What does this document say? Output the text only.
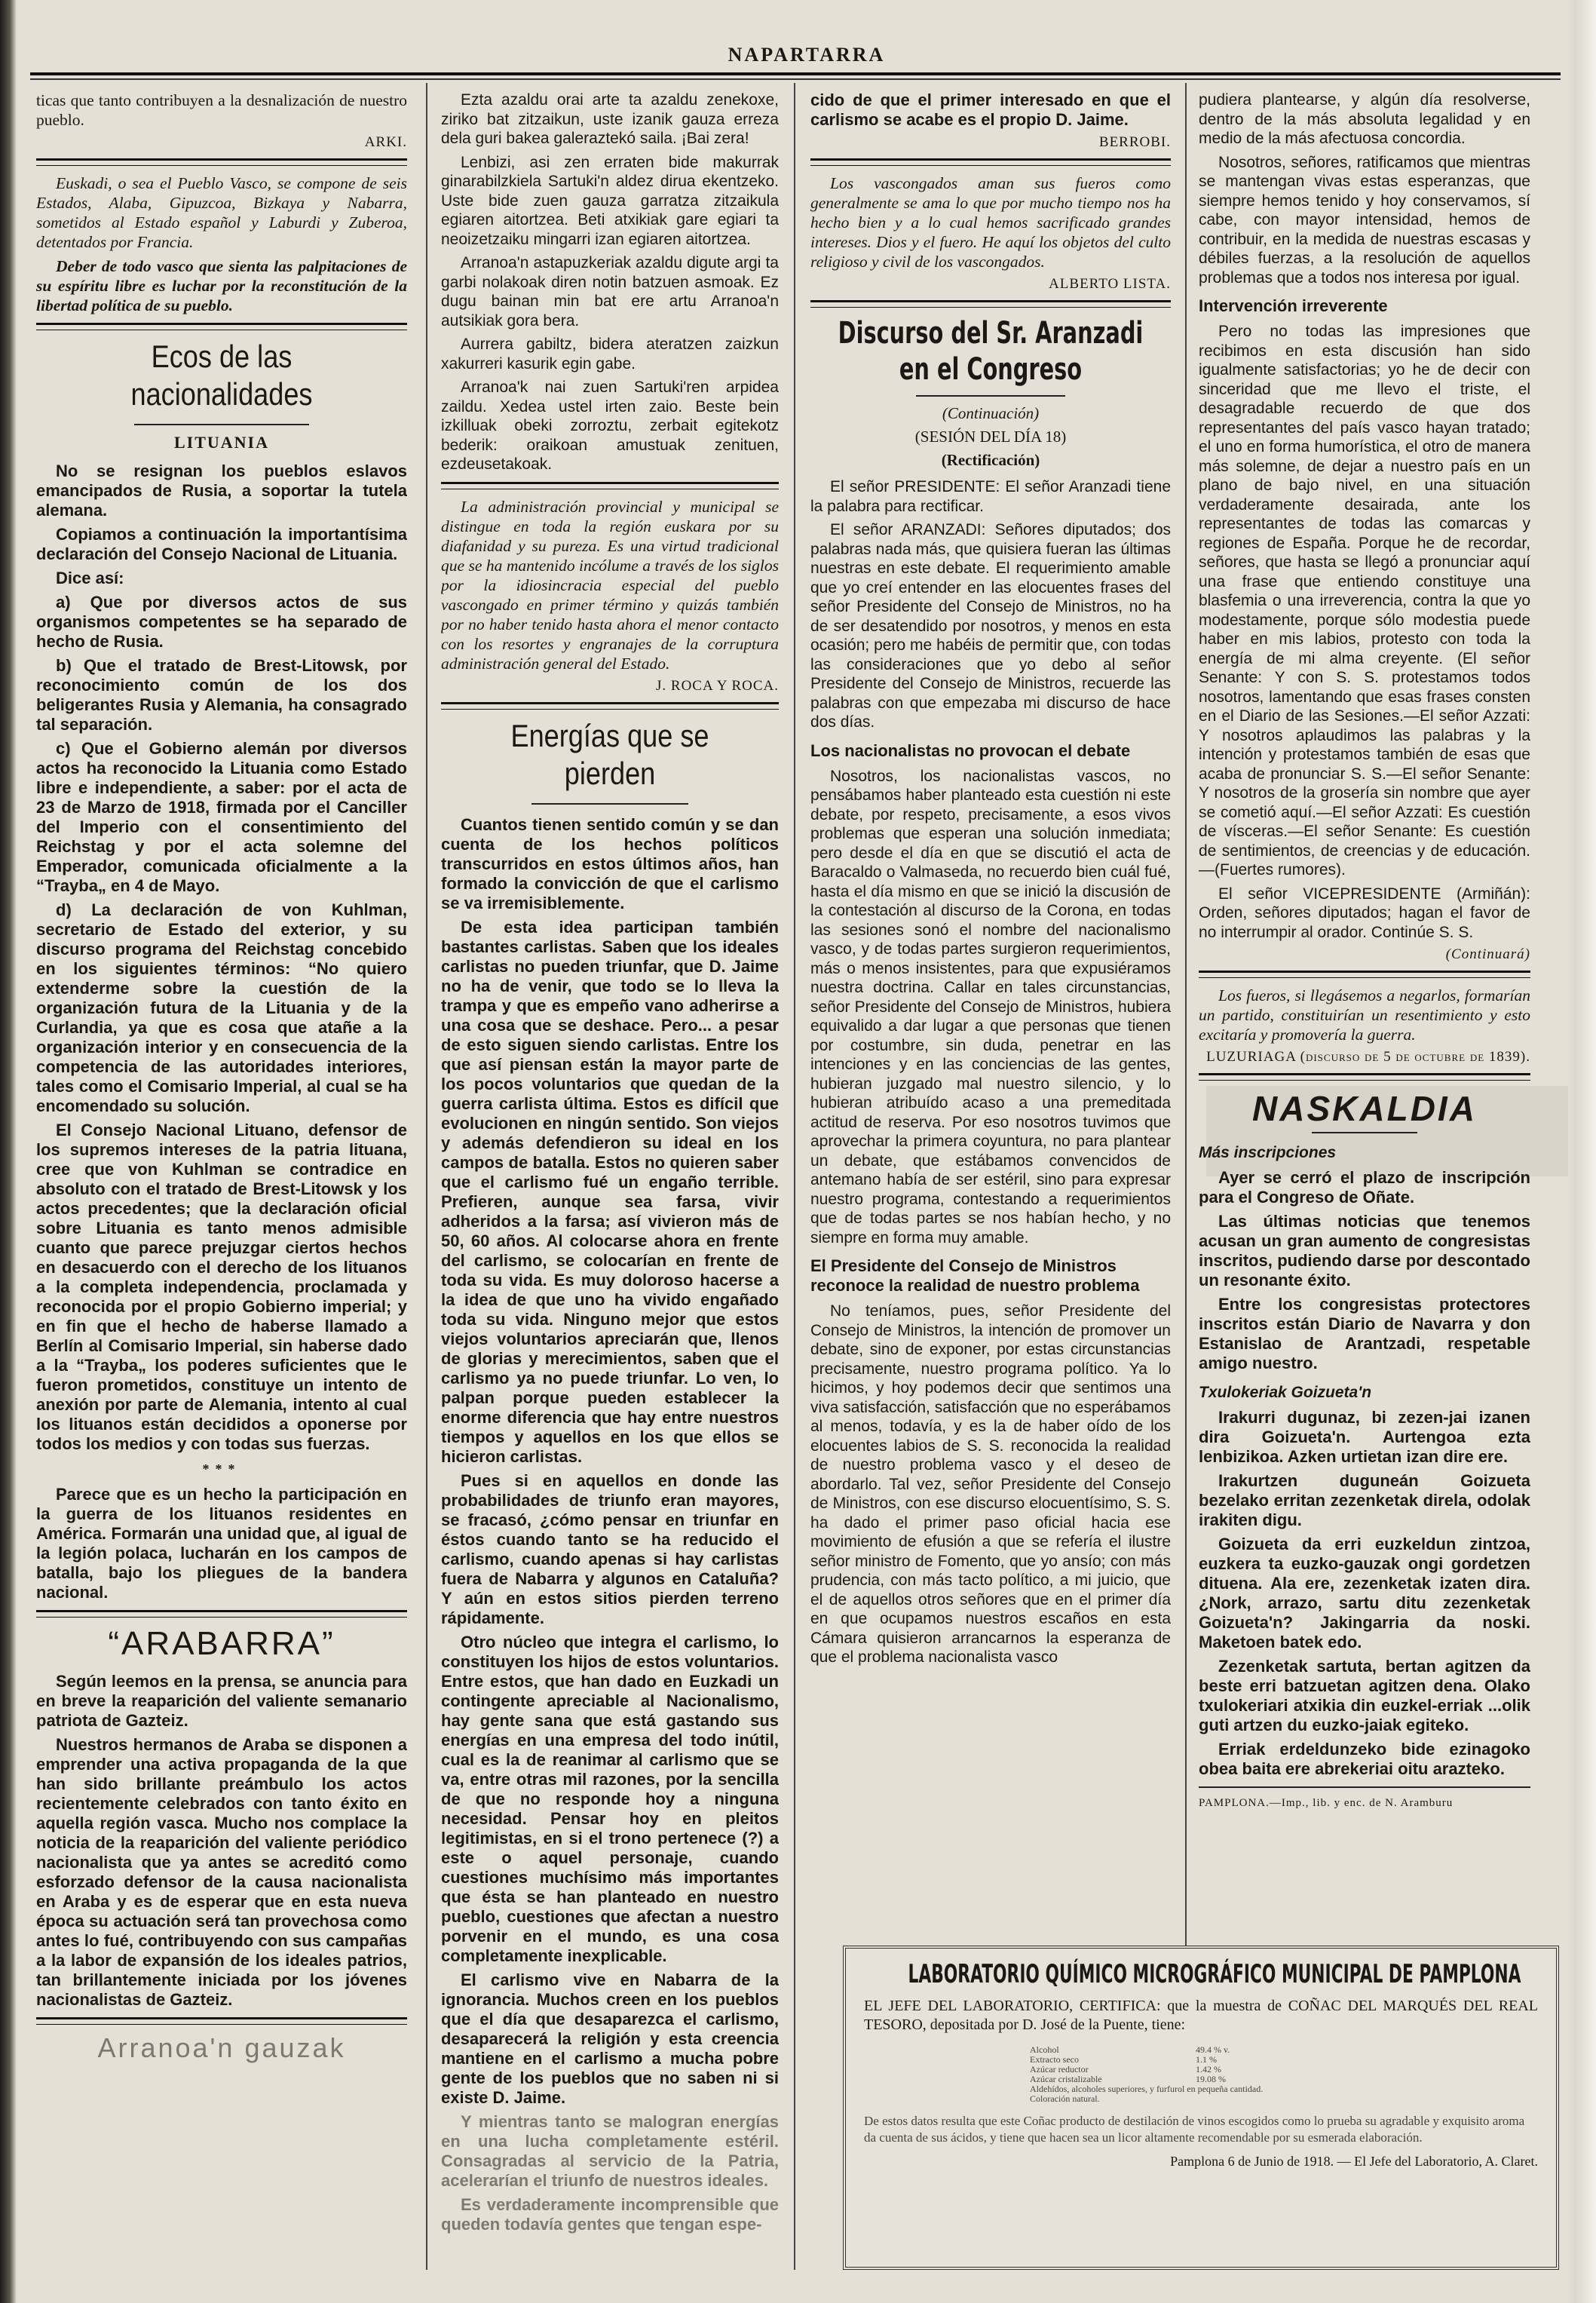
NAPARTARRA

ticas que tanto contribuyen a la desnalización de nuestro pueblo.

ARKI.

Euskadi, o sea el Pueblo Vasco, se compone de seis Estados, Alaba, Gipuzcoa, Bizkaya y Nabarra, sometidos al Estado español y Laburdi y Zuberoa, detentados por Francia.

Deber de todo vasco que sienta las palpitaciones de su espíritu libre es luchar por la reconstitución de la libertad política de su pueblo.

Ecos de las nacionalidades
LITUANIA

No se resignan los pueblos eslavos emancipados de Rusia, a soportar la tutela alemana.

Copiamos a continuación la importantísima declaración del Consejo Nacional de Lituania.

Dice así:

a) Que por diversos actos de sus organismos competentes se ha separado de hecho de Rusia.

b) Que el tratado de Brest-Litowsk, por reconocimiento común de los dos beligerantes Rusia y Alemania, ha consagrado tal separación.

c) Que el Gobierno alemán por diversos actos ha reconocido la Lituania como Estado libre e independiente, a saber: por el acta de 23 de Marzo de 1918, firmada por el Canciller del Imperio con el consentimiento del Reichstag y por el acta solemne del Emperador, comunicada oficialmente a la “Trayba„ en 4 de Mayo.

d) La declaración de von Kuhlman, secretario de Estado del exterior, y su discurso programa del Reichstag concebido en los siguientes términos: “No quiero extenderme sobre la cuestión de la organización futura de la Lituania y de la Curlandia, ya que es cosa que atañe a la organización interior y en consecuencia de la competencia de las autoridades interiores, tales como el Comisario Imperial, al cual se ha encomendado su solución.

El Consejo Nacional Lituano, defensor de los supremos intereses de la patria lituana, cree que von Kuhlman se contradice en absoluto con el tratado de Brest-Litowsk y los actos precedentes; que la declaración oficial sobre Lituania es tanto menos admisible cuanto que parece prejuzgar ciertos hechos en desacuerdo con el derecho de los lituanos a la completa independencia, proclamada y reconocida por el propio Gobierno imperial; y en fin que el hecho de haberse llamado a Berlín al Comisario Imperial, sin haberse dado a la “Trayba„ los poderes suficientes que le fueron prometidos, constituye un intento de anexión por parte de Alemania, intento al cual los lituanos están decididos a oponerse por todos los medios y con todas sus fuerzas.

***

Parece que es un hecho la participación en la guerra de los lituanos residentes en América. Formarán una unidad que, al igual de la legión polaca, lucharán en los campos de batalla, bajo los pliegues de la bandera nacional.

“ARABARRA”

Según leemos en la prensa, se anuncia para en breve la reaparición del valiente semanario patriota de Gazteiz.

Nuestros hermanos de Araba se disponen a emprender una activa propaganda de la que han sido brillante preámbulo los actos recientemente celebrados con tanto éxito en aquella región vasca. Mucho nos complace la noticia de la reaparición del valiente periódico nacionalista que ya antes se acreditó como esforzado defensor de la causa nacionalista en Araba y es de esperar que en esta nueva época su actuación será tan provechosa como antes lo fué, contribuyendo con sus campañas a la labor de expansión de los ideales patrios, tan brillantemente iniciada por los jóvenes nacionalistas de Gazteiz.

Arranoa'n gauzak

Ezta azaldu orai arte ta azaldu zenekoxe, ziriko bat zitzaikun, uste izanik gauza erreza dela guri bakea galeraztekó saila. ¡Bai zera!

Lenbizi, asi zen erraten bide makurrak ginarabilzkiela Sartuki'n aldez dirua ekentzeko. Uste bide zuen gauza garratza zitzaikula egiaren aitortzea. Beti atxikiak gare egiari ta neoizetzaiku mingarri izan egiaren aitortzea.

Arranoa'n astapuzkeriak azaldu digute argi ta garbi nolakoak diren notin batzuen asmoak. Ez dugu bainan min bat ere artu Arranoa'n autsikiak gora bera.

Aurrera gabiltz, bidera ateratzen zaizkun xakurreri kasurik egin gabe.

Arranoa'k nai zuen Sartuki'ren arpidea zaildu. Xedea ustel irten zaio. Beste bein izkilluak obeki zorroztu, zerbait egitekotz bederik: oraikoan amustuak zenituen, ezdeusetakoak.

La administración provincial y municipal se distingue en toda la región euskara por su diafanidad y su pureza. Es una virtud tradicional que se ha mantenido incólume a través de los siglos por la idiosincracia especial del pueblo vascongado en primer término y quizás también por no haber tenido hasta ahora el menor contacto con los resortes y engranajes de la corruptura administración general del Estado.

J. ROCA Y ROCA.
Energías que se pierden

Cuantos tienen sentido común y se dan cuenta de los hechos políticos transcurridos en estos últimos años, han formado la convicción de que el carlismo se va irremisiblemente.

De esta idea participan también bastantes carlistas. Saben que los ideales carlistas no pueden triunfar, que D. Jaime no ha de venir, que todo se lo lleva la trampa y que es empeño vano adherirse a una cosa que se deshace. Pero... a pesar de esto siguen siendo carlistas. Entre los que así piensan están la mayor parte de los pocos voluntarios que quedan de la guerra carlista última. Estos es difícil que evolucionen en ningún sentido. Son viejos y además defendieron su ideal en los campos de batalla. Estos no quieren saber que el carlismo fué un engaño terrible. Prefieren, aunque sea farsa, vivir adheridos a la farsa; así vivieron más de 50, 60 años. Al colocarse ahora en frente del carlismo, se colocarían en frente de toda su vida. Es muy doloroso hacerse a la idea de que uno ha vivido engañado toda su vida. Ninguno mejor que estos viejos voluntarios apreciarán que, llenos de glorias y merecimientos, saben que el carlismo ya no puede triunfar. Lo ven, lo palpan porque pueden establecer la enorme diferencia que hay entre nuestros tiempos y aquellos en los que ellos se hicieron carlistas.

Pues si en aquellos en donde las probabilidades de triunfo eran mayores, se fracasó, ¿cómo pensar en triunfar en éstos cuando tanto se ha reducido el carlismo, cuando apenas si hay carlistas fuera de Nabarra y algunos en Cataluña? Y aún en estos sitios pierden terreno rápidamente.

Otro núcleo que integra el carlismo, lo constituyen los hijos de estos voluntarios. Entre estos, que han dado en Euzkadi un contingente apreciable al Nacionalismo, hay gente sana que está gastando sus energías en una empresa del todo inútil, cual es la de reanimar al carlismo que se va, entre otras mil razones, por la sencilla de que no responde hoy a ninguna necesidad. Pensar hoy en pleitos legitimistas, en si el trono pertenece (?) a este o aquel personaje, cuando cuestiones muchísimo más importantes que ésta se han planteado en nuestro pueblo, cuestiones que afectan a nuestro porvenir en el mundo, es una cosa completamente inexplicable.

El carlismo vive en Nabarra de la ignorancia. Muchos creen en los pueblos que el día que desaparezca el carlismo, desaparecerá la religión y esta creencia mantiene en el carlismo a mucha pobre gente de los pueblos que no saben ni si existe D. Jaime.

Y mientras tanto se malogran energías en una lucha completamente estéril. Consagradas al servicio de la Patria, acelerarían el triunfo de nuestros ideales.

Es verdaderamente incomprensible que queden todavía gentes que tengan espe-

cido de que el primer interesado en que el carlismo se acabe es el propio D. Jaime.

BERROBI.

Los vascongados aman sus fueros como generalmente se ama lo que por mucho tiempo nos ha hecho bien y a lo cual hemos sacrificado grandes intereses. Dios y el fuero. He aquí los objetos del culto religioso y civil de los vascongados.

ALBERTO LISTA.
Discurso del Sr. Aranzadi en el Congreso
(Continuación)
(SESIÓN DEL DÍA 18)
(Rectificación)

El señor PRESIDENTE: El señor Aranzadi tiene la palabra para rectificar.

El señor ARANZADI: Señores diputados; dos palabras nada más, que quisiera fueran las últimas nuestras en este debate. El requerimiento amable que yo creí entender en las elocuentes frases del señor Presidente del Consejo de Ministros, no ha de ser desatendido por nosotros, y menos en esta ocasión; pero me habéis de permitir que, con todas las consideraciones que yo debo al señor Presidente del Consejo de Ministros, recuerde las palabras con que empezaba mi discurso de hace dos días.

Los nacionalistas no provocan el debate

Nosotros, los nacionalistas vascos, no pensábamos haber planteado esta cuestión ni este debate, por respeto, precisamente, a esos vivos problemas que esperan una solución inmediata; pero desde el día en que se discutió el acta de Baracaldo o Valmaseda, no recuerdo bien cuál fué, hasta el día mismo en que se inició la discusión de la contestación al discurso de la Corona, en todas las sesiones sonó el nombre del nacionalismo vasco, y de todas partes surgieron requerimientos, más o menos insistentes, para que expusiéramos nuestra doctrina. Callar en tales circunstancias, señor Presidente del Consejo de Ministros, hubiera equivalido a dar lugar a que personas que tienen por costumbre, sin duda, penetrar en las intenciones y en las conciencias de las gentes, hubieran juzgado mal nuestro silencio, y lo hubieran atribuído acaso a una premeditada actitud de reserva. Por eso nosotros tuvimos que aprovechar la primera coyuntura, no para plantear un debate, que estábamos convencidos de antemano había de ser estéril, sino para expresar nuestro programa, contestando a requerimientos que de todas partes se nos habían hecho, y no siempre en forma muy amable.

El Presidente del Consejo de Ministros reconoce la realidad de nuestro problema

No teníamos, pues, señor Presidente del Consejo de Ministros, la intención de promover un debate, sino de exponer, por estas circunstancias precisamente, nuestro programa político. Ya lo hicimos, y hoy podemos decir que sentimos una viva satisfacción, satisfacción que no esperábamos al menos, todavía, y es la de haber oído de los elocuentes labios de S. S. reconocida la realidad de nuestro problema vasco y el deseo de abordarlo. Tal vez, señor Presidente del Consejo de Ministros, con ese discurso elocuentísimo, S. S. ha dado el primer paso oficial hacia ese movimiento de efusión a que se refería el ilustre señor ministro de Fomento, que yo ansío; con más prudencia, con más tacto político, a mi juicio, que el de aquellos otros señores que en el primer día en que ocupamos nuestros escaños en esta Cámara quisieron arrancarnos la esperanza de que el problema nacionalista vasco

pudiera plantearse, y algún día resolverse, dentro de la más absoluta legalidad y en medio de la más afectuosa concordia.

Nosotros, señores, ratificamos que mientras se mantengan vivas estas esperanzas, que siempre hemos tenido y hoy conservamos, sí cabe, con mayor intensidad, hemos de contribuir, en la medida de nuestras escasas y débiles fuerzas, a la resolución de aquellos problemas que a todos nos interesa por igual.

Intervención irreverente

Pero no todas las impresiones que recibimos en esta discusión han sido igualmente satisfactorias; yo he de decir con sinceridad que me llevo el triste, el desagradable recuerdo de que dos representantes del país vasco hayan tratado; el uno en forma humorística, el otro de manera más solemne, de dejar a nuestro país en un plano de bajo nivel, en una situación verdaderamente desairada, ante los representantes de todas las comarcas y regiones de España. Porque he de recordar, señores, que hasta se llegó a pronunciar aquí una frase que entiendo constituye una blasfemia o una irreverencia, contra la que yo modestamente, porque sólo modestia puede haber en mis labios, protesto con toda la energía de mi alma creyente. (El señor Senante: Y con S. S. protestamos todos nosotros, lamentando que esas frases consten en el Diario de las Sesiones.—El señor Azzati: Y nosotros aplaudimos las palabras y la intención y protestamos también de esas que acaba de pronunciar S. S.—El señor Senante: Y nosotros de la grosería sin nombre que ayer se cometió aquí.—El señor Azzati: Es cuestión de vísceras.—El señor Senante: Es cuestión de sentimientos, de creencias y de educación.—(Fuertes rumores).

El señor VICEPRESIDENTE (Armiñán): Orden, señores diputados; hagan el favor de no interrumpir al orador. Continúe S. S.

(Continuará)

Los fueros, si llegásemos a negarlos, formarían un partido, constituirían un resentimiento y esto excitaría y promovería la guerra.

LUZURIAGA (discurso de 5 de octubre de 1839).
NASKALDIA
Más inscripciones

Ayer se cerró el plazo de inscripción para el Congreso de Oñate.

Las últimas noticias que tenemos acusan un gran aumento de congresistas inscritos, pudiendo darse por descontado un resonante éxito.

Entre los congresistas protectores inscritos están Diario de Navarra y don Estanislao de Arantzadi, respetable amigo nuestro.

Txulokeriak Goizueta'n

Irakurri dugunaz, bi zezen-jai izanen dira Goizueta'n. Aurtengoa ezta lenbizikoa. Azken urtietan izan dire ere.

Irakurtzen duguneán Goizueta bezelako erritan zezenketak direla, odolak irakiten digu.

Goizueta da erri euzkeldun zintzoa, euzkera ta euzko-gauzak ongi gordetzen dituena. Ala ere, zezenketak izaten dira. ¿Nork, arrazo, sartu ditu zezenketak Goizueta'n? Jakingarria da noski. Maketoen batek edo.

Zezenketak sartuta, bertan agitzen da beste erri batzuetan agitzen dena. Olako txulokeriari atxikia din euzkel-erriak ...olik guti artzen du euzko-jaiak egiteko.

Erriak erdeldunzeko bide ezinagoko obea baita ere abrekeriai oitu arazteko.

PAMPLONA.—Imp., lib. y enc. de N. Aramburu
LABORATORIO QUÍMICO MICROGRÁFICO MUNICIPAL DE PAMPLONA
EL JEFE DEL LABORATORIO, CERTIFICA: que la muestra de COÑAC DEL MARQUÉS DEL REAL TESORO, depositada por D. José de la Puente, tiene:
Alcohol	49.4 % v.
Extracto seco	1.1 %
Azúcar reductor	1.42 %
Azúcar cristalizable	19.08 %
Aldehídos, alcoholes superiores, y furfurol en pequeña cantidad.
Coloración natural.
De estos datos resulta que este Coñac producto de destilación de vinos escogidos como lo prueba su agradable y exquisito aroma da cuenta de sus ácidos, y tiene que hacen sea un licor altamente recomendable por su esmerada elaboración.
Pamplona 6 de Junio de 1918. — El Jefe del Laboratorio, A. Claret.
